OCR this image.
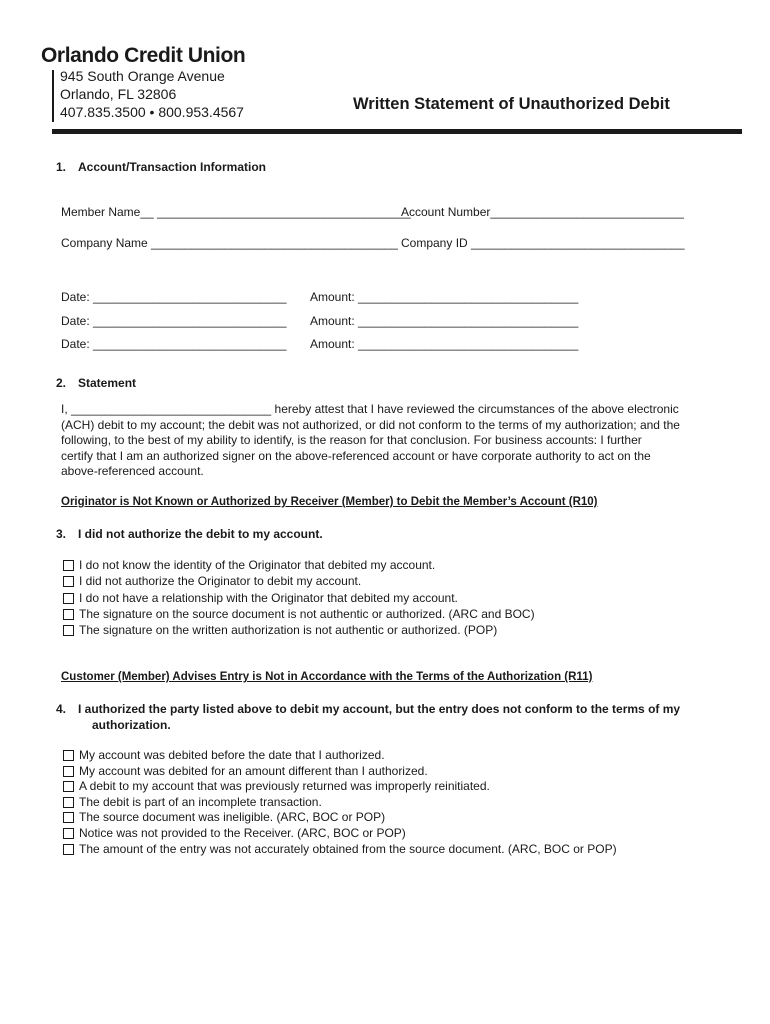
Orlando Credit Union
945 South Orange Avenue
Orlando, FL 32806
407.835.3500 • 800.953.4567	Written Statement of Unauthorized Debit
1. Account/Transaction Information
Member Name__ ______________________________________
Account Number_____________________________
Company Name _____________________________________ Company ID ________________________________
Date: _____________________________ Amount: _________________________________
Date: _____________________________ Amount: _________________________________
Date: _____________________________ Amount: _________________________________
2. Statement

I, ______________________________ hereby attest that I have reviewed the circumstances of the above electronic

(ACH) debit to my account; the debit was not authorized, or did not conform to the terms of my authorization; and the

following, to the best of my ability to identify, is the reason for that conclusion. For business accounts: I further

certify that I am an authorized signer on the above-referenced account or have corporate authority to act on the

above-referenced account.

Originator is Not Known or Authorized by Receiver (Member) to Debit the Member’s Account (R10)
3. I did not authorize the debit to my account.
I do not know the identity of the Originator that debited my account.
I did not authorize the Originator to debit my account.
I do not have a relationship with the Originator that debited my account.
The signature on the source document is not authentic or authorized. (ARC and BOC)
The signature on the written authorization is not authentic or authorized. (POP)
Customer (Member) Advises Entry is Not in Accordance with the Terms of the Authorization (R11)
4. I authorized the party listed above to debit my account, but the entry does not conform to the terms of my
authorization.
My account was debited before the date that I authorized.
My account was debited for an amount different than I authorized.
A debit to my account that was previously returned was improperly reinitiated.
The debit is part of an incomplete transaction.
The source document was ineligible. (ARC, BOC or POP)
Notice was not provided to the Receiver. (ARC, BOC or POP)
The amount of the entry was not accurately obtained from the source document. (ARC, BOC or POP)
